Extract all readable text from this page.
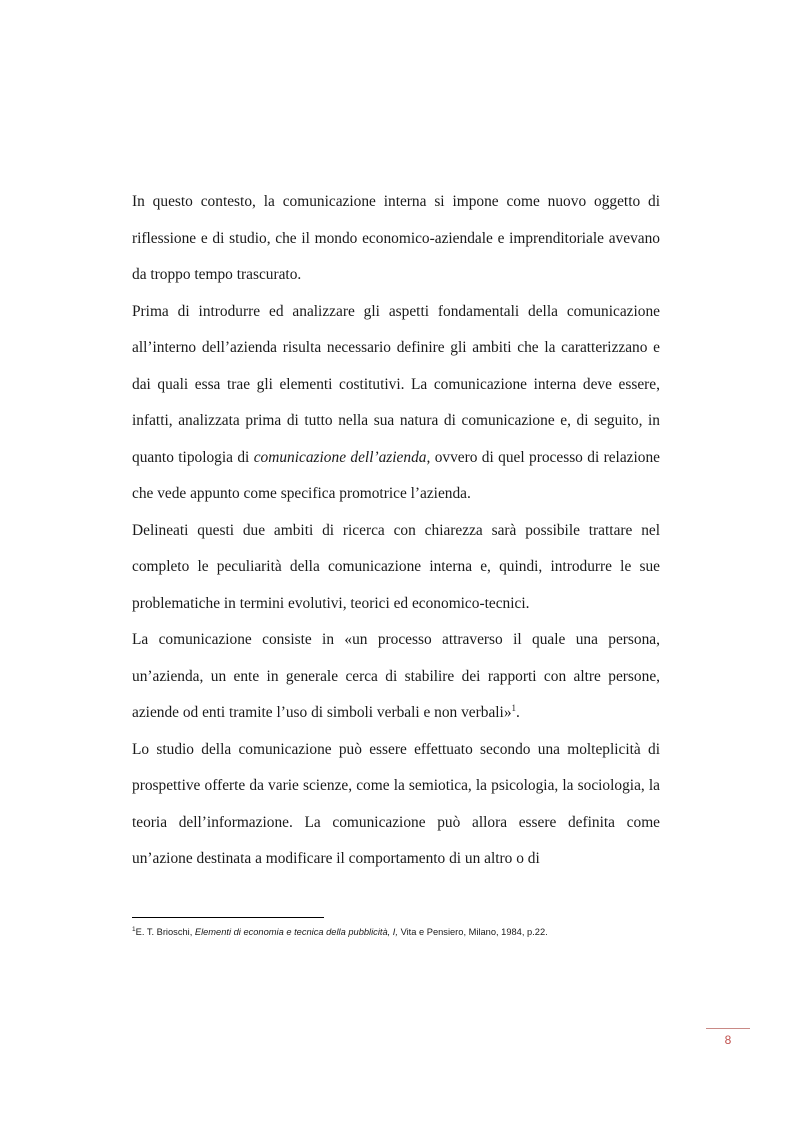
In questo contesto, la comunicazione interna si impone come nuovo oggetto di riflessione e di studio, che il mondo economico-aziendale e imprenditoriale avevano da troppo tempo trascurato.

Prima di introdurre ed analizzare gli aspetti fondamentali della comunicazione all’interno dell’azienda risulta necessario definire gli ambiti che la caratterizzano e dai quali essa trae gli elementi costitutivi. La comunicazione interna deve essere, infatti, analizzata prima di tutto nella sua natura di comunicazione e, di seguito, in quanto tipologia di comunicazione dell’azienda, ovvero di quel processo di relazione che vede appunto come specifica promotrice l’azienda.

Delineati questi due ambiti di ricerca con chiarezza sarà possibile trattare nel completo le peculiarità della comunicazione interna e, quindi, introdurre le sue problematiche in termini evolutivi, teorici ed economico-tecnici.

La comunicazione consiste in «un processo attraverso il quale una persona, un’azienda, un ente in generale cerca di stabilire dei rapporti con altre persone, aziende od enti tramite l’uso di simboli verbali e non verbali»$^1$.

Lo studio della comunicazione può essere effettuato secondo una molteplicità di prospettive offerte da varie scienze, come la semiotica, la psicologia, la sociologia, la teoria dell’informazione. La comunicazione può allora essere definita come un’azione destinata a modificare il comportamento di un altro o di

$^1$E. T. Brioschi, Elementi di economia e tecnica della pubblicità, I, Vita e Pensiero, Milano, 1984, p.22.
8
